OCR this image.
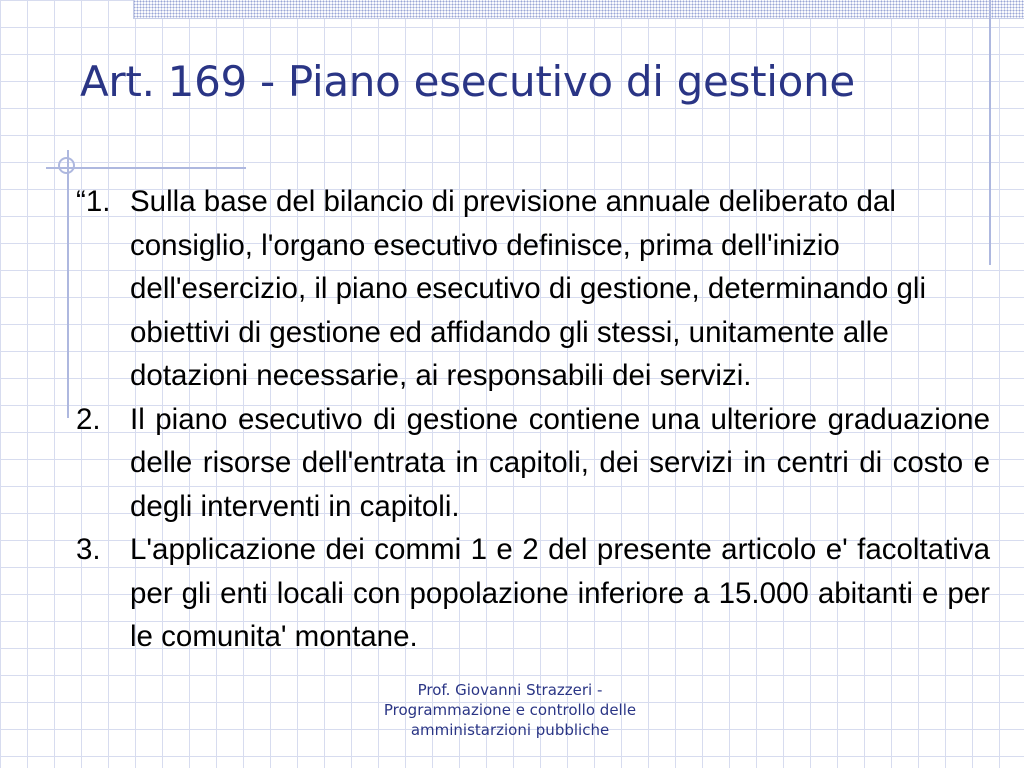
Art. 169 - Piano esecutivo di gestione
“1. Sulla base del bilancio di previsione annuale deliberato dal consiglio, l'organo esecutivo definisce, prima dell'inizio dell'esercizio, il piano esecutivo di gestione, determinando gli obiettivi di gestione ed affidando gli stessi, unitamente alle dotazioni necessarie, ai responsabili dei servizi.
2. Il piano esecutivo di gestione contiene una ulteriore graduazione delle risorse dell'entrata in capitoli, dei servizi in centri di costo e degli interventi in capitoli.
3. L'applicazione dei commi 1 e 2 del presente articolo e' facoltativa per gli enti locali con popolazione inferiore a 15.000 abitanti e per le comunita' montane.
Prof. Giovanni Strazzeri -
Programmazione e controllo delle
amministarzioni pubbliche
